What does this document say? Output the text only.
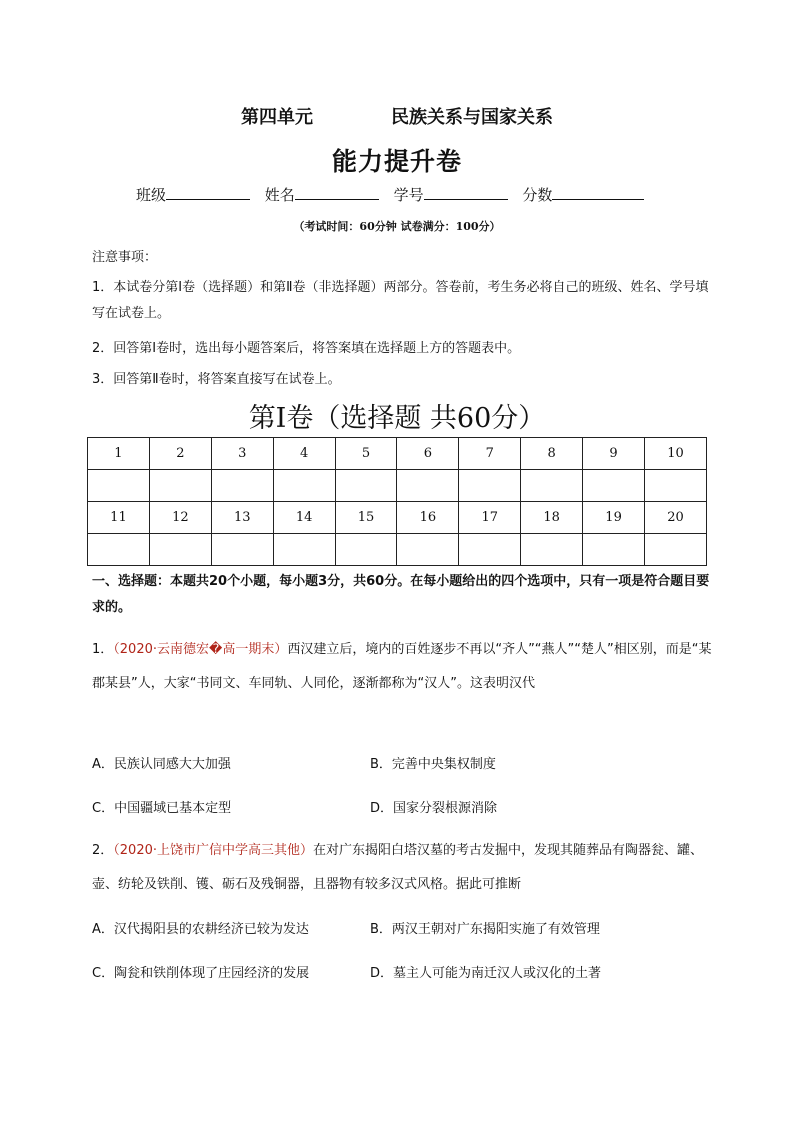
第四单元	民族关系与国家关系
能力提升卷
班级	姓名	学号	分数
（考试时间：60分钟 试卷满分：100分）
注意事项：
1．本试卷分第Ⅰ卷（选择题）和第Ⅱ卷（非选择题）两部分。答卷前，考生务必将自己的班级、姓名、学号填写在试卷上。
2．回答第Ⅰ卷时，选出每小题答案后，将答案填在选择题上方的答题表中。
3．回答第Ⅱ卷时，将答案直接写在试卷上。
第Ⅰ卷（选择题 共60分）
1	2	3	4	5	6	7	8	9	10

11	12	13	14	15	16	17	18	19	20

一、选择题：本题共20个小题，每小题3分，共60分。在每小题给出的四个选项中，只有一项是符合题目要求的。
1．（2020·云南德宏�高一期末）西汉建立后，境内的百姓逐步不再以“齐人”“燕人”“楚人”相区别，而是“某郡某县”人，大家“书同文、车同轨、人同伦，逐渐都称为“汉人”。这表明汉代
A．民族认同感大大加强	B．完善中央集权制度
C．中国疆域已基本定型	D．国家分裂根源消除
2．（2020·上饶市广信中学高三其他）在对广东揭阳白塔汉墓的考古发掘中，发现其随葬品有陶器瓮、罐、壶、纺轮及铁削、镬、砺石及残铜器，且器物有较多汉式风格。据此可推断
A．汉代揭阳县的农耕经济已较为发达	B．两汉王朝对广东揭阳实施了有效管理
C．陶瓮和铁削体现了庄园经济的发展	D．墓主人可能为南迁汉人或汉化的土著
